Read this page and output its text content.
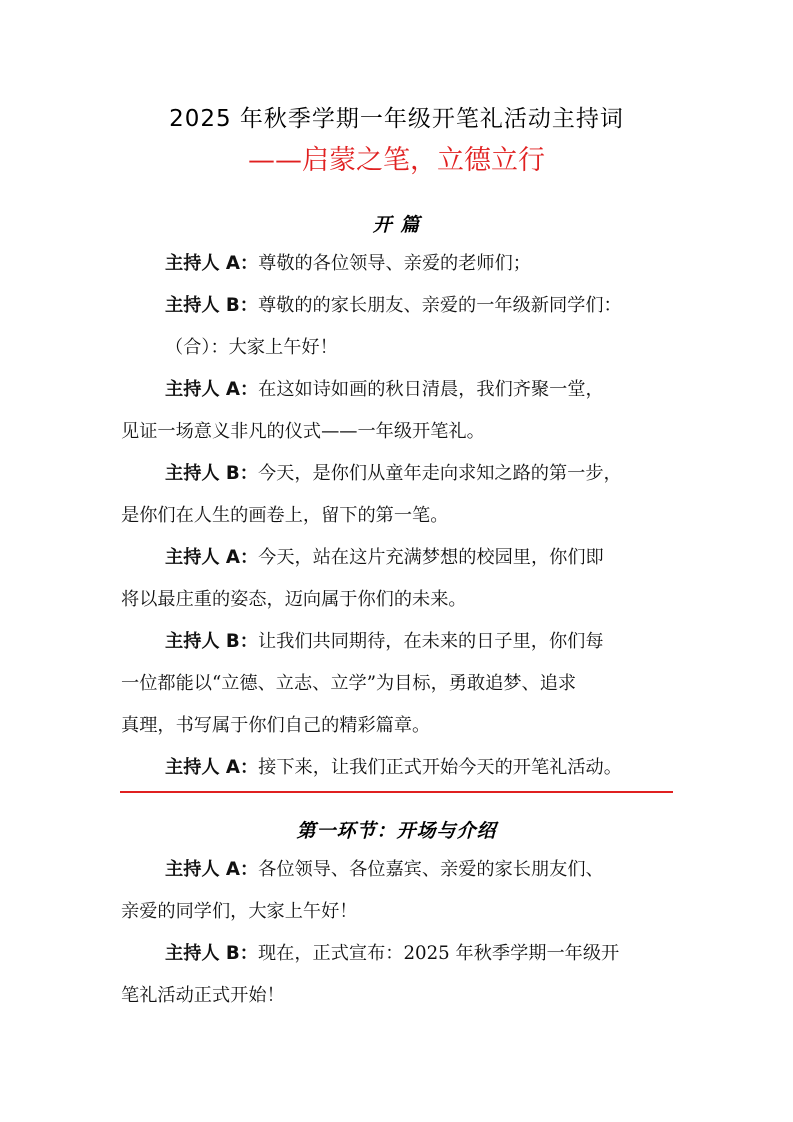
2025 年秋季学期一年级开笔礼活动主持词
——启蒙之笔，立德立行
开 篇
主持人 A：尊敬的各位领导、亲爱的老师们；
主持人 B：尊敬的的家长朋友、亲爱的一年级新同学们：
（合）：大家上午好！
主持人 A：在这如诗如画的秋日清晨，我们齐聚一堂，
见证一场意义非凡的仪式——一年级开笔礼。
主持人 B：今天，是你们从童年走向求知之路的第一步，
是你们在人生的画卷上，留下的第一笔。
主持人 A：今天，站在这片充满梦想的校园里，你们即
将以最庄重的姿态，迈向属于你们的未来。
主持人 B：让我们共同期待，在未来的日子里，你们每
一位都能以“立德、立志、立学”为目标，勇敢追梦、追求
真理，书写属于你们自己的精彩篇章。
主持人 A：接下来，让我们正式开始今天的开笔礼活动。
第一环节：开场与介绍
主持人 A：各位领导、各位嘉宾、亲爱的家长朋友们、
亲爱的同学们，大家上午好！
主持人 B：现在，正式宣布：2025 年秋季学期一年级开
笔礼活动正式开始！
